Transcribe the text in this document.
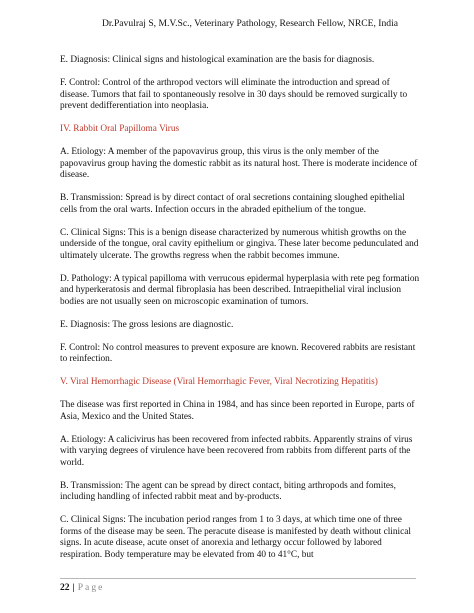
Dr.Pavulraj S, M.V.Sc., Veterinary Pathology, Research Fellow, NRCE, India

E. Diagnosis: Clinical signs and histological examination are the basis for diagnosis.

F. Control: Control of the arthropod vectors will eliminate the introduction and spread of disease. Tumors that fail to spontaneously resolve in 30 days should be removed surgically to prevent dedifferentiation into neoplasia.

IV. Rabbit Oral Papilloma Virus

A. Etiology: A member of the papovavirus group, this virus is the only member of the papovavirus group having the domestic rabbit as its natural host. There is moderate incidence of disease.

B. Transmission: Spread is by direct contact of oral secretions containing sloughed epithelial cells from the oral warts. Infection occurs in the abraded epithelium of the tongue.

C. Clinical Signs: This is a benign disease characterized by numerous whitish growths on the underside of the tongue, oral cavity epithelium or gingiva. These later become pedunculated and ultimately ulcerate. The growths regress when the rabbit becomes immune.

D. Pathology: A typical papilloma with verrucous epidermal hyperplasia with rete peg formation and hyperkeratosis and dermal fibroplasia has been described. Intraepithelial viral inclusion bodies are not usually seen on microscopic examination of tumors.

E. Diagnosis: The gross lesions are diagnostic.

F. Control: No control measures to prevent exposure are known. Recovered rabbits are resistant to reinfection.

V. Viral Hemorrhagic Disease (Viral Hemorrhagic Fever, Viral Necrotizing Hepatitis)

The disease was first reported in China in 1984, and has since been reported in Europe, parts of Asia, Mexico and the United States.

A. Etiology: A calicivirus has been recovered from infected rabbits. Apparently strains of virus with varying degrees of virulence have been recovered from rabbits from different parts of the world.

B. Transmission: The agent can be spread by direct contact, biting arthropods and fomites, including handling of infected rabbit meat and by-products.

C. Clinical Signs: The incubation period ranges from 1 to 3 days, at which time one of three forms of the disease may be seen. The peracute disease is manifested by death without clinical signs. In acute disease, acute onset of anorexia and lethargy occur followed by labored respiration. Body temperature may be elevated from 40 to 41°C, but

22 | Page
